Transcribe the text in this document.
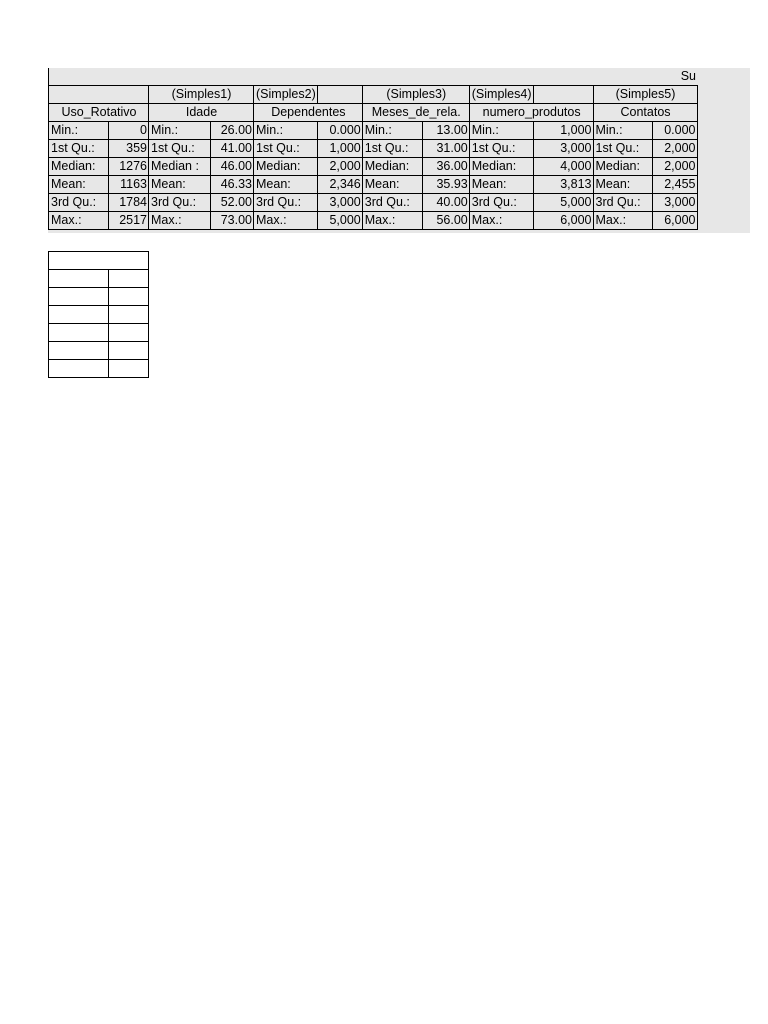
Su											
		(Simples1)		(Simples2)		(Simples3)		(Simples4)		(Simples5)	
Uso_Rotativo		Idade		Dependentes		Meses_de_rela.		numero_produtos		Contatos	
Min.:	0	Min.:	26.00	Min.:	0.000	Min.:	13.00	Min.:	1,000	Min.:	0.000
1st Qu.:	359	1st Qu.:	41.00	1st Qu.:	1,000	1st Qu.:	31.00	1st Qu.:	3,000	1st Qu.:	2,000
Median:	1276	Median :	46.00	Median:	2,000	Median:	36.00	Median:	4,000	Median:	2,000
Mean:	1163	Mean:	46.33	Mean:	2,346	Mean:	35.93	Mean:	3,813	Mean:	2,455
3rd Qu.:	1784	3rd Qu.:	52.00	3rd Qu.:	3,000	3rd Qu.:	40.00	3rd Qu.:	5,000	3rd Qu.:	3,000
Max.:	2517	Max.:	73.00	Max.:	5,000	Max.:	56.00	Max.:	6,000	Max.:	6,000
